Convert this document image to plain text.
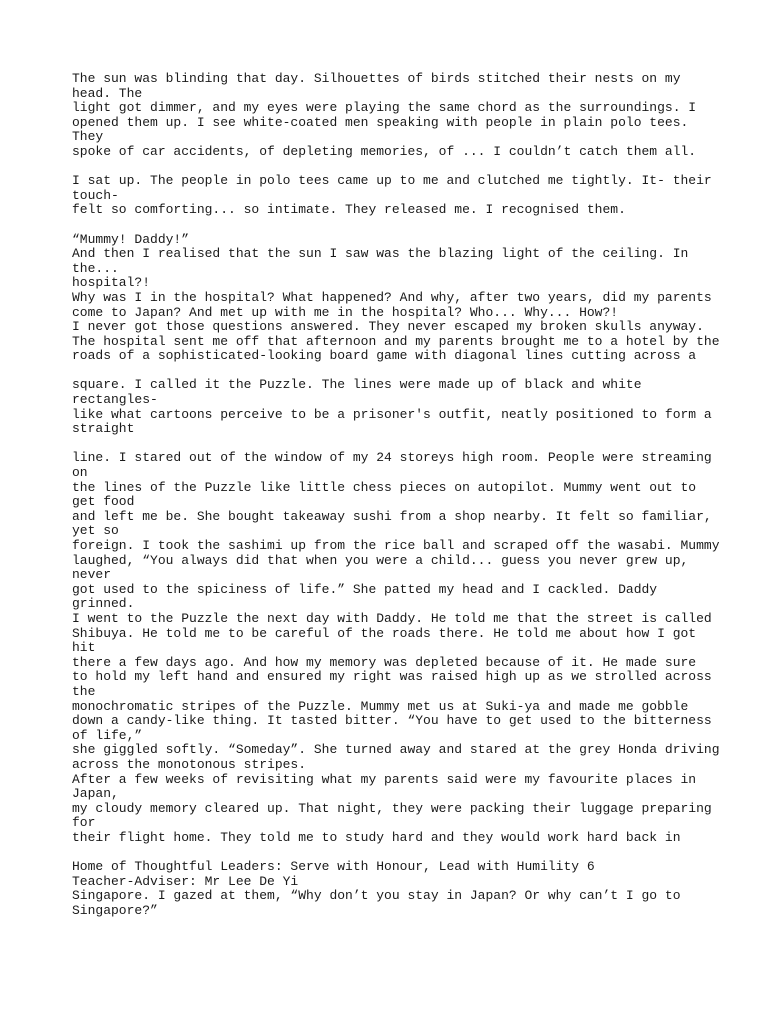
The sun was blinding that day. Silhouettes of birds stitched their nests on my
head. The
light got dimmer, and my eyes were playing the same chord as the surroundings. I
opened them up. I see white-coated men speaking with people in plain polo tees.
They
spoke of car accidents, of depleting memories, of ... I couldn’t catch them all.
I sat up. The people in polo tees came up to me and clutched me tightly. It- their
touch-
felt so comforting... so intimate. They released me. I recognised them.
“Mummy! Daddy!”
And then I realised that the sun I saw was the blazing light of the ceiling. In
the...
hospital?!
Why was I in the hospital? What happened? And why, after two years, did my parents
come to Japan? And met up with me in the hospital? Who... Why... How?!
I never got those questions answered. They never escaped my broken skulls anyway.
The hospital sent me off that afternoon and my parents brought me to a hotel by the
roads of a sophisticated-looking board game with diagonal lines cutting across a
square. I called it the Puzzle. The lines were made up of black and white
rectangles-
like what cartoons perceive to be a prisoner's outfit, neatly positioned to form a
straight
line. I stared out of the window of my 24 storeys high room. People were streaming
on
the lines of the Puzzle like little chess pieces on autopilot. Mummy went out to
get food
and left me be. She bought takeaway sushi from a shop nearby. It felt so familiar,
yet so
foreign. I took the sashimi up from the rice ball and scraped off the wasabi. Mummy
laughed, “You always did that when you were a child... guess you never grew up,
never
got used to the spiciness of life.” She patted my head and I cackled. Daddy
grinned.
I went to the Puzzle the next day with Daddy. He told me that the street is called
Shibuya. He told me to be careful of the roads there. He told me about how I got
hit
there a few days ago. And how my memory was depleted because of it. He made sure
to hold my left hand and ensured my right was raised high up as we strolled across
the
monochromatic stripes of the Puzzle. Mummy met us at Suki-ya and made me gobble
down a candy-like thing. It tasted bitter. “You have to get used to the bitterness
of life,”
she giggled softly. “Someday”. She turned away and stared at the grey Honda driving
across the monotonous stripes.
After a few weeks of revisiting what my parents said were my favourite places in
Japan,
my cloudy memory cleared up. That night, they were packing their luggage preparing
for
their flight home. They told me to study hard and they would work hard back in
Home of Thoughtful Leaders: Serve with Honour, Lead with Humility 6
Teacher-Adviser: Mr Lee De Yi
Singapore. I gazed at them, “Why don’t you stay in Japan? Or why can’t I go to
Singapore?”
